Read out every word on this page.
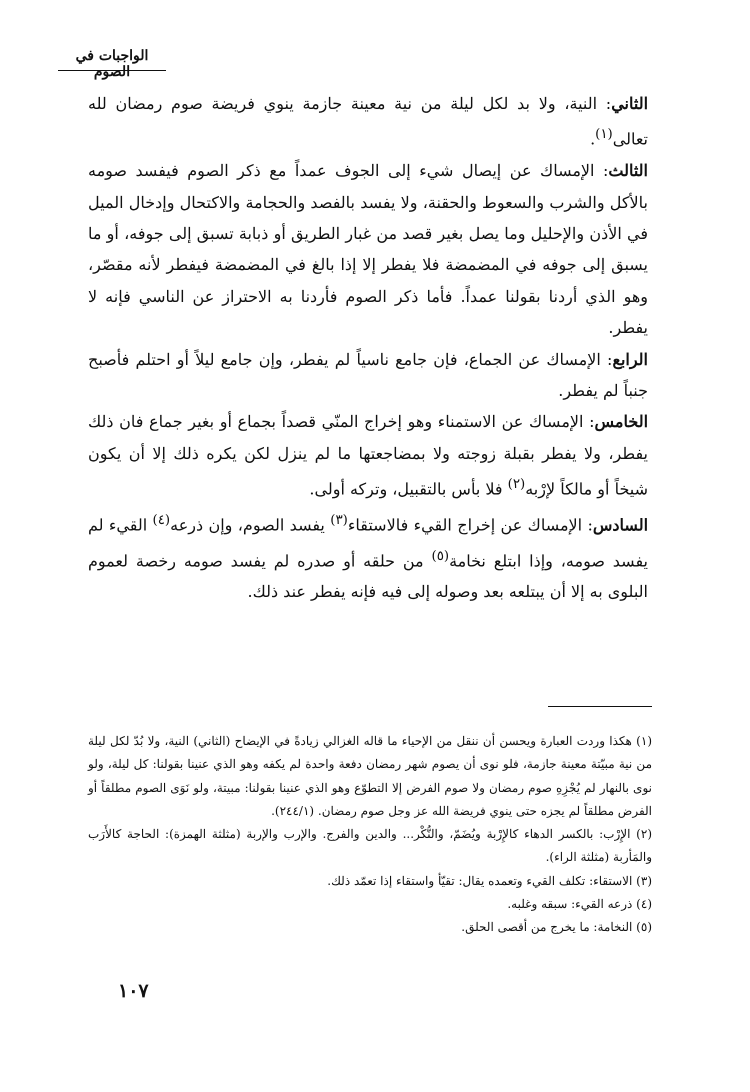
الواجبات في الصوم

الثاني: النية، ولا بد لكل ليلة من نية معينة جازمة ينوي فريضة صوم رمضان لله تعالى$^{(١)}$.

الثالث: الإمساك عن إيصال شيء إلى الجوف عمداً مع ذكر الصوم فيفسد صومه بالأكل والشرب والسعوط والحقنة، ولا يفسد بالفصد والحجامة والاكتحال وإدخال الميل في الأذن والإحليل وما يصل بغير قصد من غبار الطريق أو ذبابة تسبق إلى جوفه، أو ما يسبق إلى جوفه في المضمضة فلا يفطر إلا إذا بالغ في المضمضة فيفطر لأنه مقصّر، وهو الذي أردنا بقولنا عمداً. فأما ذكر الصوم فأردنا به الاحتراز عن الناسي فإنه لا يفطر.

الرابع: الإمساك عن الجماع، فإن جامع ناسياً لم يفطر، وإن جامع ليلاً أو احتلم فأصبح جنباً لم يفطر.

الخامس: الإمساك عن الاستمناء وهو إخراج المنّي قصداً بجماع أو بغير جماع فان ذلك يفطر، ولا يفطر بقبلة زوجته ولا بمضاجعتها ما لم ينزل لكن يكره ذلك إلا أن يكون شيخاً أو مالكاً لإرْبه$^{(٢)}$ فلا بأس بالتقبيل، وتركه أولى.

السادس: الإمساك عن إخراج القيء فالاستقاء$^{(٣)}$ يفسد الصوم، وإن ذرعه$^{(٤)}$ القيء لم يفسد صومه، وإذا ابتلع نخامة$^{(٥)}$ من حلقه أو صدره لم يفسد صومه رخصة لعموم البلوى به إلا أن يبتلعه بعد وصوله إلى فيه فإنه يفطر عند ذلك.

(١) هكذا وردت العبارة ويحسن أن ننقل من الإحياء ما قاله الغزالي زيادةً في الإيضاح (الثاني) النية، ولا بُدّ لكل ليلة من نية مبيّتة معينة جازمة، فلو نوى أن يصوم شهر رمضان دفعة واحدة لم يكفه وهو الذي عنينا بقولنا: كل ليلة، ولو نوى بالنهار لم يُجْزِهِ صوم رمضان ولا صوم الفرض إلا التطوّع وهو الذي عنينا بقولنا: مبيتة، ولو نَوَى الصوم مطلقاً أو الفرض مطلقاً لم يجزه حتى ينوي فريضة الله عز وجل صوم رمضان. (٢٤٤/١).

(٢) الإِرْب: بالكسر الدهاء كالإِرْبة ويُضَمّ، والنُّكْر... والدين والفرج. والإرب والإربة (مثلثة الهمزة): الحاجة كالأَرَب والمَأربة (مثلثة الراء).

(٣) الاستقاء: تكلف القيء وتعمده يقال: تقيّأ واستقاء إذا تعمّد ذلك.

(٤) ذرعه القيء: سبقه وغلبه.

(٥) النخامة: ما يخرج من أقصى الحلق.

١٠٧
